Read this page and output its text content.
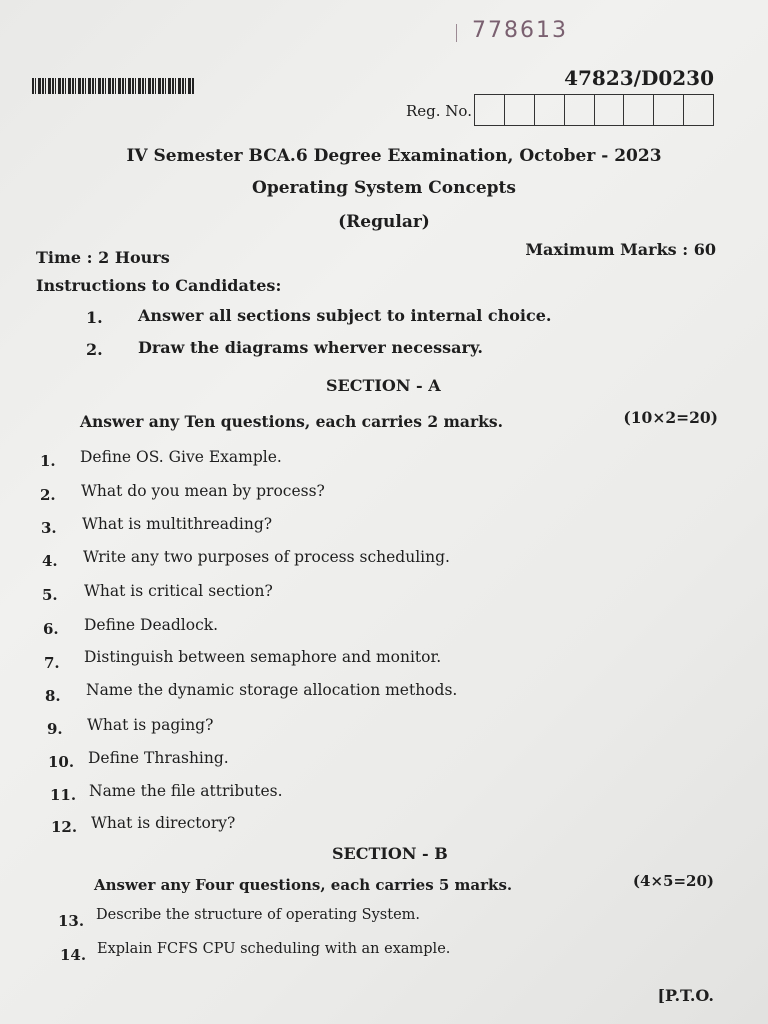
778613
47823/D0230
Reg. No.
IV Semester BCA.6 Degree Examination, October - 2023
Operating System Concepts
(Regular)
Time : 2 Hours	Maximum Marks : 60
Instructions to Candidates:
1. Answer all sections subject to internal choice.
2. Draw the diagrams wherver necessary.
SECTION - A
Answer any Ten questions, each carries 2 marks.	(10×2=20)
1. Define OS. Give Example.
2. What do you mean by process?
3. What is multithreading?
4. Write any two purposes of process scheduling.
5. What is critical section?
6. Define Deadlock.
7. Distinguish between semaphore and monitor.
8. Name the dynamic storage allocation methods.
9. What is paging?
10. Define Thrashing.
11. Name the file attributes.
12. What is directory?
SECTION - B
Answer any Four questions, each carries 5 marks.	(4×5=20)
13. Describe the structure of operating System.
14. Explain FCFS CPU scheduling with an example.
[P.T.O.
